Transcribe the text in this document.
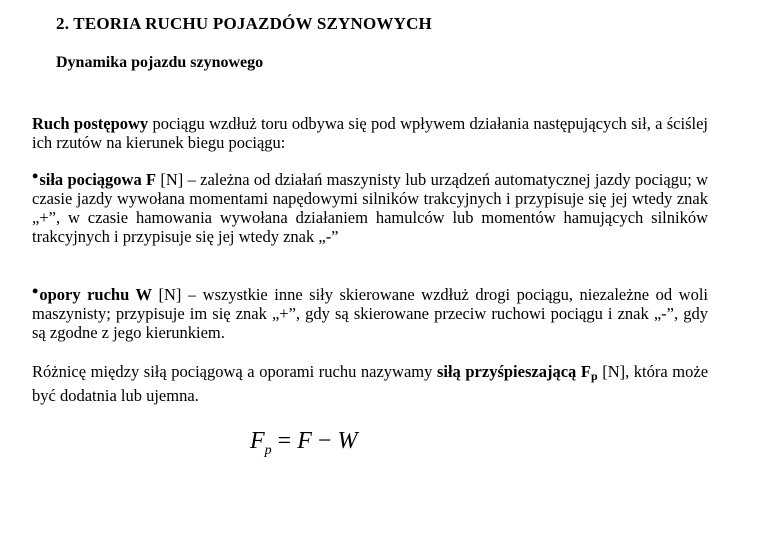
2. TEORIA RUCHU POJAZDÓW SZYNOWYCH
Dynamika pojazdu szynowego
Ruch postępowy pociągu wzdłuż toru odbywa się pod wpływem działania następujących sił, a ściślej ich rzutów na kierunek biegu pociągu:
•siła pociągowa F [N] – zależna od działań maszynisty lub urządzeń automatycznej jazdy pociągu; w czasie jazdy wywołana momentami napędowymi silników trakcyjnych i przypisuje się jej wtedy znak „+”, w czasie hamowania wywołana działaniem hamulców lub momentów hamujących silników trakcyjnych i przypisuje się jej wtedy znak „-”
•opory ruchu W [N] – wszystkie inne siły skierowane wzdłuż drogi pociągu, niezależne od woli maszynisty; przypisuje im się znak „+”, gdy są skierowane przeciw ruchowi pociągu i znak „-”, gdy są zgodne z jego kierunkiem.
Różnicę między siłą pociągową a oporami ruchu nazywamy siłą przyśpieszającą $F_p$ [N], która może być dodatnia lub ujemna.
$F_p = F - W$
